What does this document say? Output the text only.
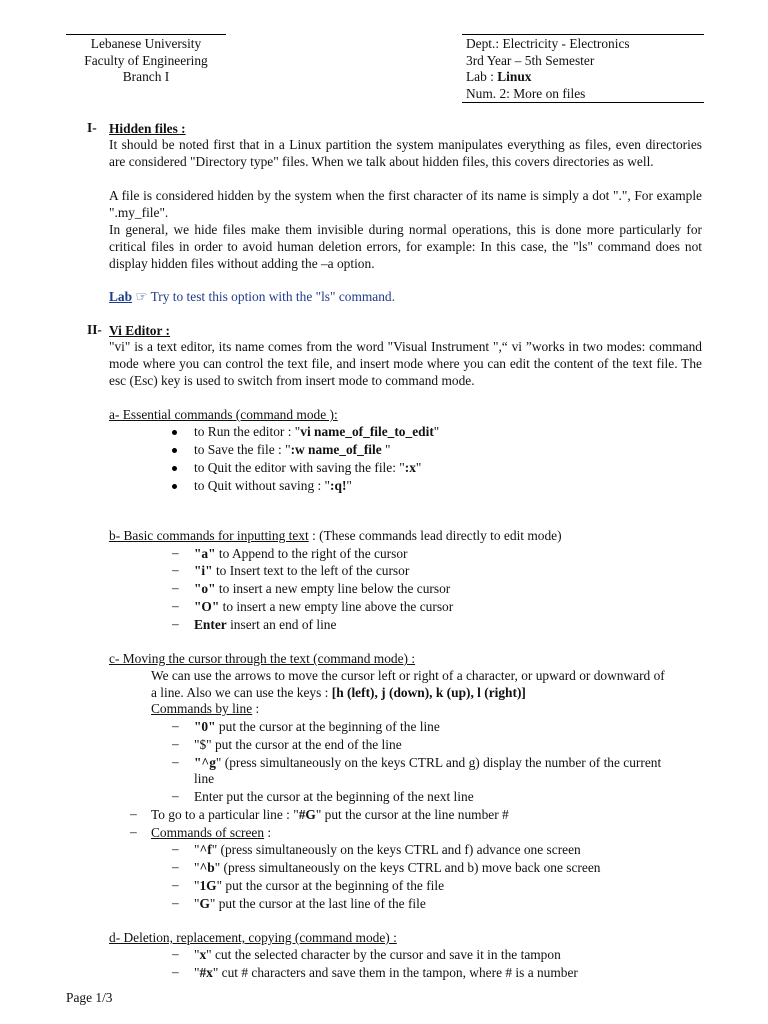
Lebanese University
Faculty of Engineering
Branch I
Dept.: Electricity - Electronics
3rd Year – 5th Semester
Lab : Linux
Num. 2: More on files
I- Hidden files :
It should be noted first that in a Linux partition the system manipulates everything as files, even directories are considered "Directory type" files. When we talk about hidden files, this covers directories as well.
A file is considered hidden by the system when the first character of its name is simply a dot ".", For example ".my_file".
In general, we hide files make them invisible during normal operations, this is done more particularly for critical files in order to avoid human deletion errors, for example: In this case, the "ls" command does not display hidden files without adding the –a option.
Lab ☞ Try to test this option with the "ls" command.
II- Vi Editor :
"vi" is a text editor, its name comes from the word "Visual Instrument ",“ vi ”works in two modes: command mode where you can control the text file, and insert mode where you can edit the content of the text file. The esc (Esc) key is used to switch from insert mode to command mode.
a- Essential commands (command mode ):
to Run the editor : "vi name_of_file_to_edit"
to Save the file : ":w name_of_file "
to Quit the editor with saving the file: ":x"
to Quit without saving : ":q!"
b- Basic commands for inputting text : (These commands lead directly to edit mode)
– "a" to Append to the right of the cursor
– "i" to Insert text to the left of the cursor
– "o" to insert a new empty line below the cursor
– "O" to insert a new empty line above the cursor
– Enter insert an end of line
c- Moving the cursor through the text (command mode) :
We can use the arrows to move the cursor left or right of a character, or upward or downward of
a line. Also we can use the keys : [h (left), j (down), k (up), l (right)]
Commands by line :
– "0" put the cursor at the beginning of the line
– "$" put the cursor at the end of the line
– "^g" (press simultaneously on the keys CTRL and g) display the number of the current
line
– Enter put the cursor at the beginning of the next line
– To go to a particular line : "#G" put the cursor at the line number #
– Commands of screen :
– "^f" (press simultaneously on the keys CTRL and f) advance one screen
– "^b" (press simultaneously on the keys CTRL and b) move back one screen
– "1G" put the cursor at the beginning of the file
– "G" put the cursor at the last line of the file
d- Deletion, replacement, copying (command mode) :
– "x" cut the selected character by the cursor and save it in the tampon
– "#x" cut # characters and save them in the tampon, where # is a number
Page 1/3
